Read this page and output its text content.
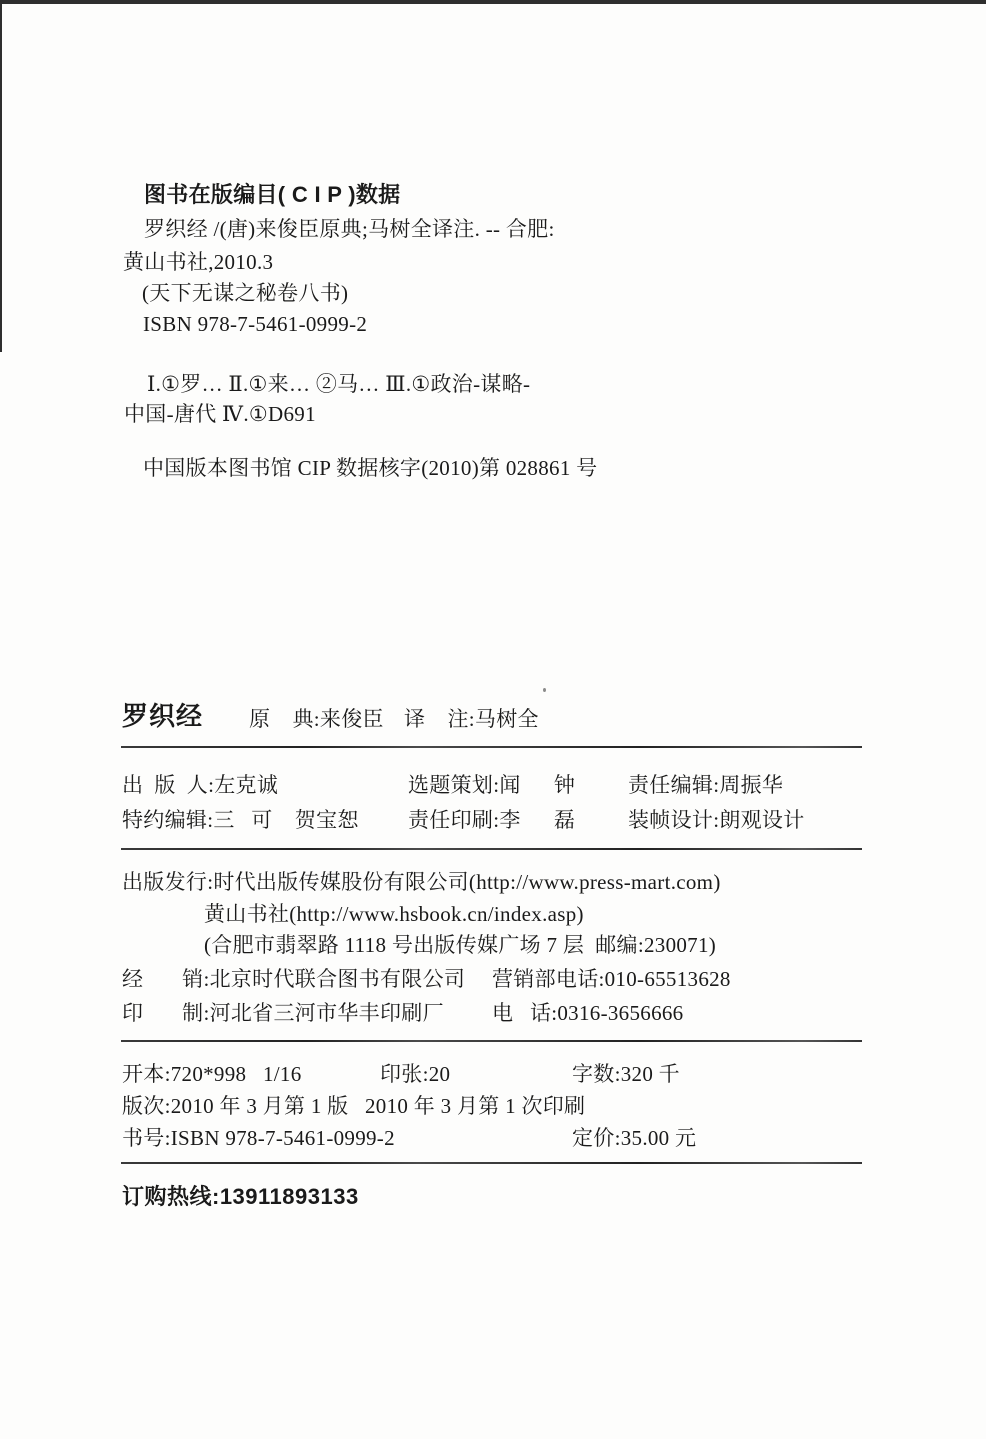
图书在版编目( C I P )数据
罗织经 /(唐)来俊臣原典;马树全译注. -- 合肥:
黄山书社,2010.3
(天下无谋之秘卷八书)
ISBN 978-7-5461-0999-2
Ⅰ.①罗… Ⅱ.①来… ②马… Ⅲ.①政治-谋略-
中国-唐代 Ⅳ.①D691
中国版本图书馆 CIP 数据核字(2010)第 028861 号
罗织经 原    典:来俊臣 译    注:马树全
出  版  人:左克诚	选题策划:闻      钟	责任编辑:周振华
特约编辑:三   可    贺宝恕 责任印刷:李      磊	装帧设计:朗观设计
出版发行:时代出版传媒股份有限公司(http://www.press-mart.com)
黄山书社(http://www.hsbook.cn/index.asp)
(合肥市翡翠路 1118 号出版传媒广场 7 层  邮编:230071)
经       销:北京时代联合图书有限公司 营销部电话:010-65513628
印       制:河北省三河市华丰印刷厂 电   话:0316-3656666
开本:720*998   1/16	印张:20	字数:320 千
版次:2010 年 3 月第 1 版 2010 年 3 月第 1 次印刷
书号:ISBN 978-7-5461-0999-2	定价:35.00 元
订购热线:13911893133
